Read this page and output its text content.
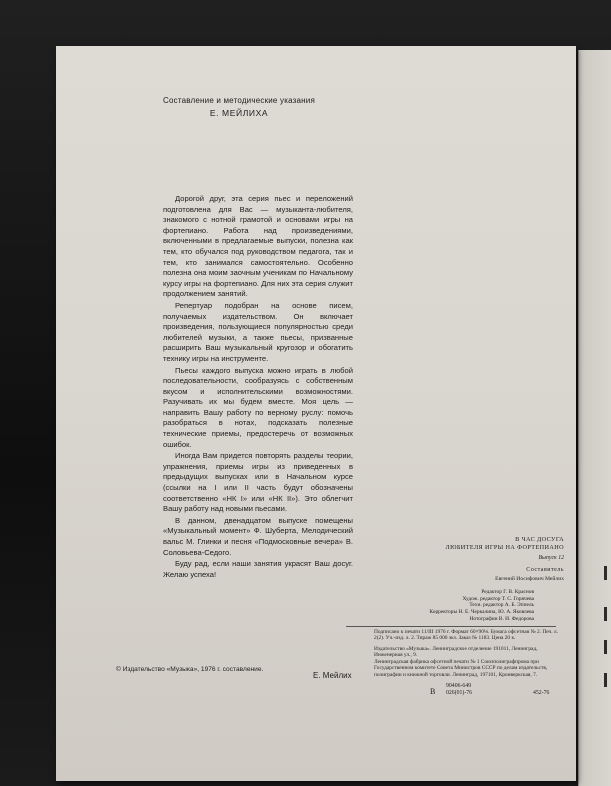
Составление и методические указания
Е. МЕЙЛИХА

Дорогой друг, эта серия пьес и переложений подготовлена для Вас — музыканта-любителя, знакомого с нотной грамотой и основами игры на фортепиано. Работа над произведениями, включенными в предлагаемые выпуски, полезна как тем, кто обучался под руководством педагога, так и тем, кто занимался самостоятельно. Особенно полезна она моим заочным ученикам по Начальному курсу игры на фортепиано. Для них эта серия служит продолжением занятий.

Репертуар подобран на основе писем, получаемых издательством. Он включает произведения, пользующиеся популярностью среди любителей музыки, а также пьесы, призванные расширить Ваш музыкальный кругозор и обогатить технику игры на инструменте.

Пьесы каждого выпуска можно играть в любой последовательности, сообразуясь с собственным вкусом и исполнительскими возможностями. Разучивать их мы будем вместе. Моя цель — направить Вашу работу по верному руслу: помочь разобраться в нотах, подсказать полезные технические приемы, предостеречь от возможных ошибок.

Иногда Вам придется повторять разделы теории, упражнения, приемы игры из приведенных в предыдущих выпусках или в Начальном курсе (ссылки на I или II часть будут обозначены соответственно «НК I» или «НК II»). Это облегчит Вашу работу над новыми пьесами.

В данном, двенадцатом выпуске помещены «Музыкальный момент» Ф. Шуберта, Мелодический вальс М. Глинки и песня «Подмосковные вечера» В. Соловьева-Седого.

Буду рад, если наши занятия украсят Ваш досуг. Желаю успеха!

Е. Мейлих
© Издательство «Музыка», 1976 г. составление.
В ЧАС ДОСУГА
ЛЮБИТЕЛЯ ИГРЫ НА ФОРТЕПИАНО
Выпуск 12
Составитель
Евгений Иосифович Мейлих
Редактор Г. В. Краснов
Худож. редактор Т. С. Горячева
Техн. редактор А. Б. Эппель
Корректоры Н. Е. Черкалина, Ю. А. Яковлева
Нотографии В. И. Федорова
Подписано к печати 11/III 1976 г. Формат 60×90⅛. Бумага офсетная № 2. Печ. л. 2(2). Уч.-изд. л. 2. Тираж 85 000 экз. Заказ № 1183. Цена 20 к.
Издательство «Музыка». Ленинградское отделение 191011, Ленинград, Инженерная ул., 9.
Ленинградская фабрика офсетной печати № 1 Союзполиграфпрома при Государственном комитете Совета Министров СССР по делам издательств, полиграфии и книжной торговли. Ленинград, 197101, Кронверкская, 7.
В
90406-649
026(01)-76	452-76
